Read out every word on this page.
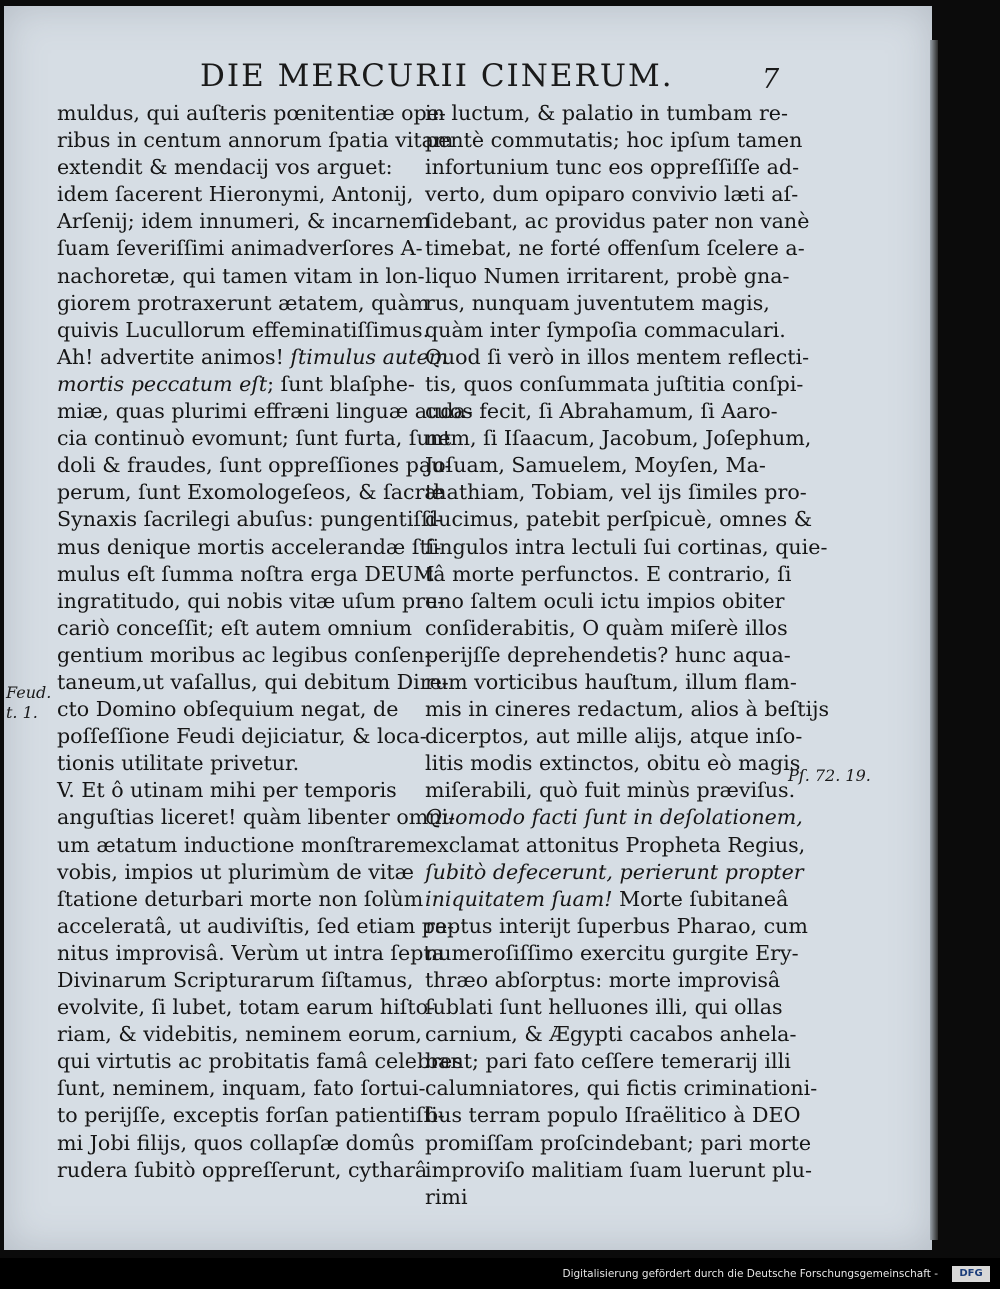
DIE MERCURII CINERUM.	7
muldus, qui auſteris pœnitentiæ ope-
ribus in centum annorum ſpatia vitam
extendit & mendacij vos arguet:
idem ſacerent Hieronymi, Antonij,
Arſenij; idem innumeri, & incarnem
ſuam ſeveriſſimi animadverſores A-
nachoretæ, qui tamen vitam in lon-
giorem protraxerunt ætatem, quàm
quivis Lucullorum effeminatiſſimus.
Ah! advertite animos! ſtimulus autem
mortis peccatum eſt; ſunt blaſphe-
miæ, quas plurimi effræni linguæ auda-
cia continuò evomunt; ſunt furta, ſunt
doli & fraudes, ſunt oppreſſiones pau-
perum, ſunt Exomologeſeos, & ſacræ
Synaxis ſacrilegi abuſus: pungentiſſi-
mus denique mortis accelerandæ ſti-
mulus eſt ſumma noſtra erga DEUM
ingratitudo, qui nobis vitæ uſum pre-
cariò conceſſit; eſt autem omnium
gentium moribus ac legibus conſen-
taneum,ut vaſallus, qui debitum Dire-
cto Domino obſequium negat, de
poſſeſſione Feudi dejiciatur, & loca-
tionis utilitate privetur.
V. Et ô utinam mihi per temporis
anguſtias liceret! quàm libenter omni-
um ætatum inductione monſtrarem
vobis, impios ut plurimùm de vitæ
ſtatione deturbari morte non ſolùm
acceleratâ, ut audiviſtis, ſed etiam pe-
nitus improvisâ. Verùm ut intra ſepta
Divinarum Scripturarum ſiſtamus,
evolvite, ſi lubet, totam earum hiſto-
riam, & videbitis, neminem eorum,
qui virtutis ac probitatis famâ celebres
ſunt, neminem, inquam, fato ſortui-
to perijſſe, exceptis forſan patientiſſi-
mi Jobi filijs, quos collapſæ domûs
rudera ſubitò oppreſſerunt, cytharâ
in luctum, & palatio in tumbam re-
pentè commutatis; hoc ipſum tamen
infortunium tunc eos oppreſſiſſe ad-
verto, dum opiparo convivio læti aſ-
ſidebant, ac providus pater non vanè
timebat, ne forté offenſum ſcelere a-
liquo Numen irritarent, probè gna-
rus, nunquam juventutem magis,
quàm inter ſympoſia commaculari.
Quod ſi verò in illos mentem reflecti-
tis, quos conſummata juſtitia conſpi-
cuos fecit, ſi Abrahamum, ſi Aaro-
nem, ſi Iſaacum, Jacobum, Joſephum,
Joſuam, Samuelem, Moyſen, Ma-
thathiam, Tobiam, vel ijs ſimiles pro-
ducimus, patebit perſpicuè, omnes &
ſingulos intra lectuli ſui cortinas, quie-
tâ morte perfunctos. E contrario, ſi
uno ſaltem oculi ictu impios obiter
conſiderabitis, O quàm miſerè illos
perijſſe deprehendetis? hunc aqua-
rum vorticibus hauſtum, illum flam-
mis in cineres redactum, alios à beſtijs
dicerptos, aut mille alijs, atque inſo-
litis modis extinctos, obitu eò magis
miſerabili, quò fuit minùs præviſus.
Quomodo facti ſunt in deſolationem,
exclamat attonitus Propheta Regius,
ſubitò defecerunt, perierunt propter
iniquitatem ſuam! Morte ſubitaneâ
raptus interijt ſuperbus Pharao, cum
numeroſiſſimo exercitu gurgite Ery-
thræo abſorptus: morte improvisâ
ſublati ſunt helluones illi, qui ollas
carnium, & Ægypti cacabos anhela-
bant; pari fato ceſſere temerarij illi
calumniatores, qui fictis criminationi-
bus terram populo Iſraëlitico à DEO
promiſſam proſcindebant; pari morte
improviſo malitiam ſuam luerunt plu-
rimi
Feud.
t. 1.
Pſ. 72. 19.
Digitalisierung gefördert durch die Deutsche Forschungsgemeinschaft -	DFG
